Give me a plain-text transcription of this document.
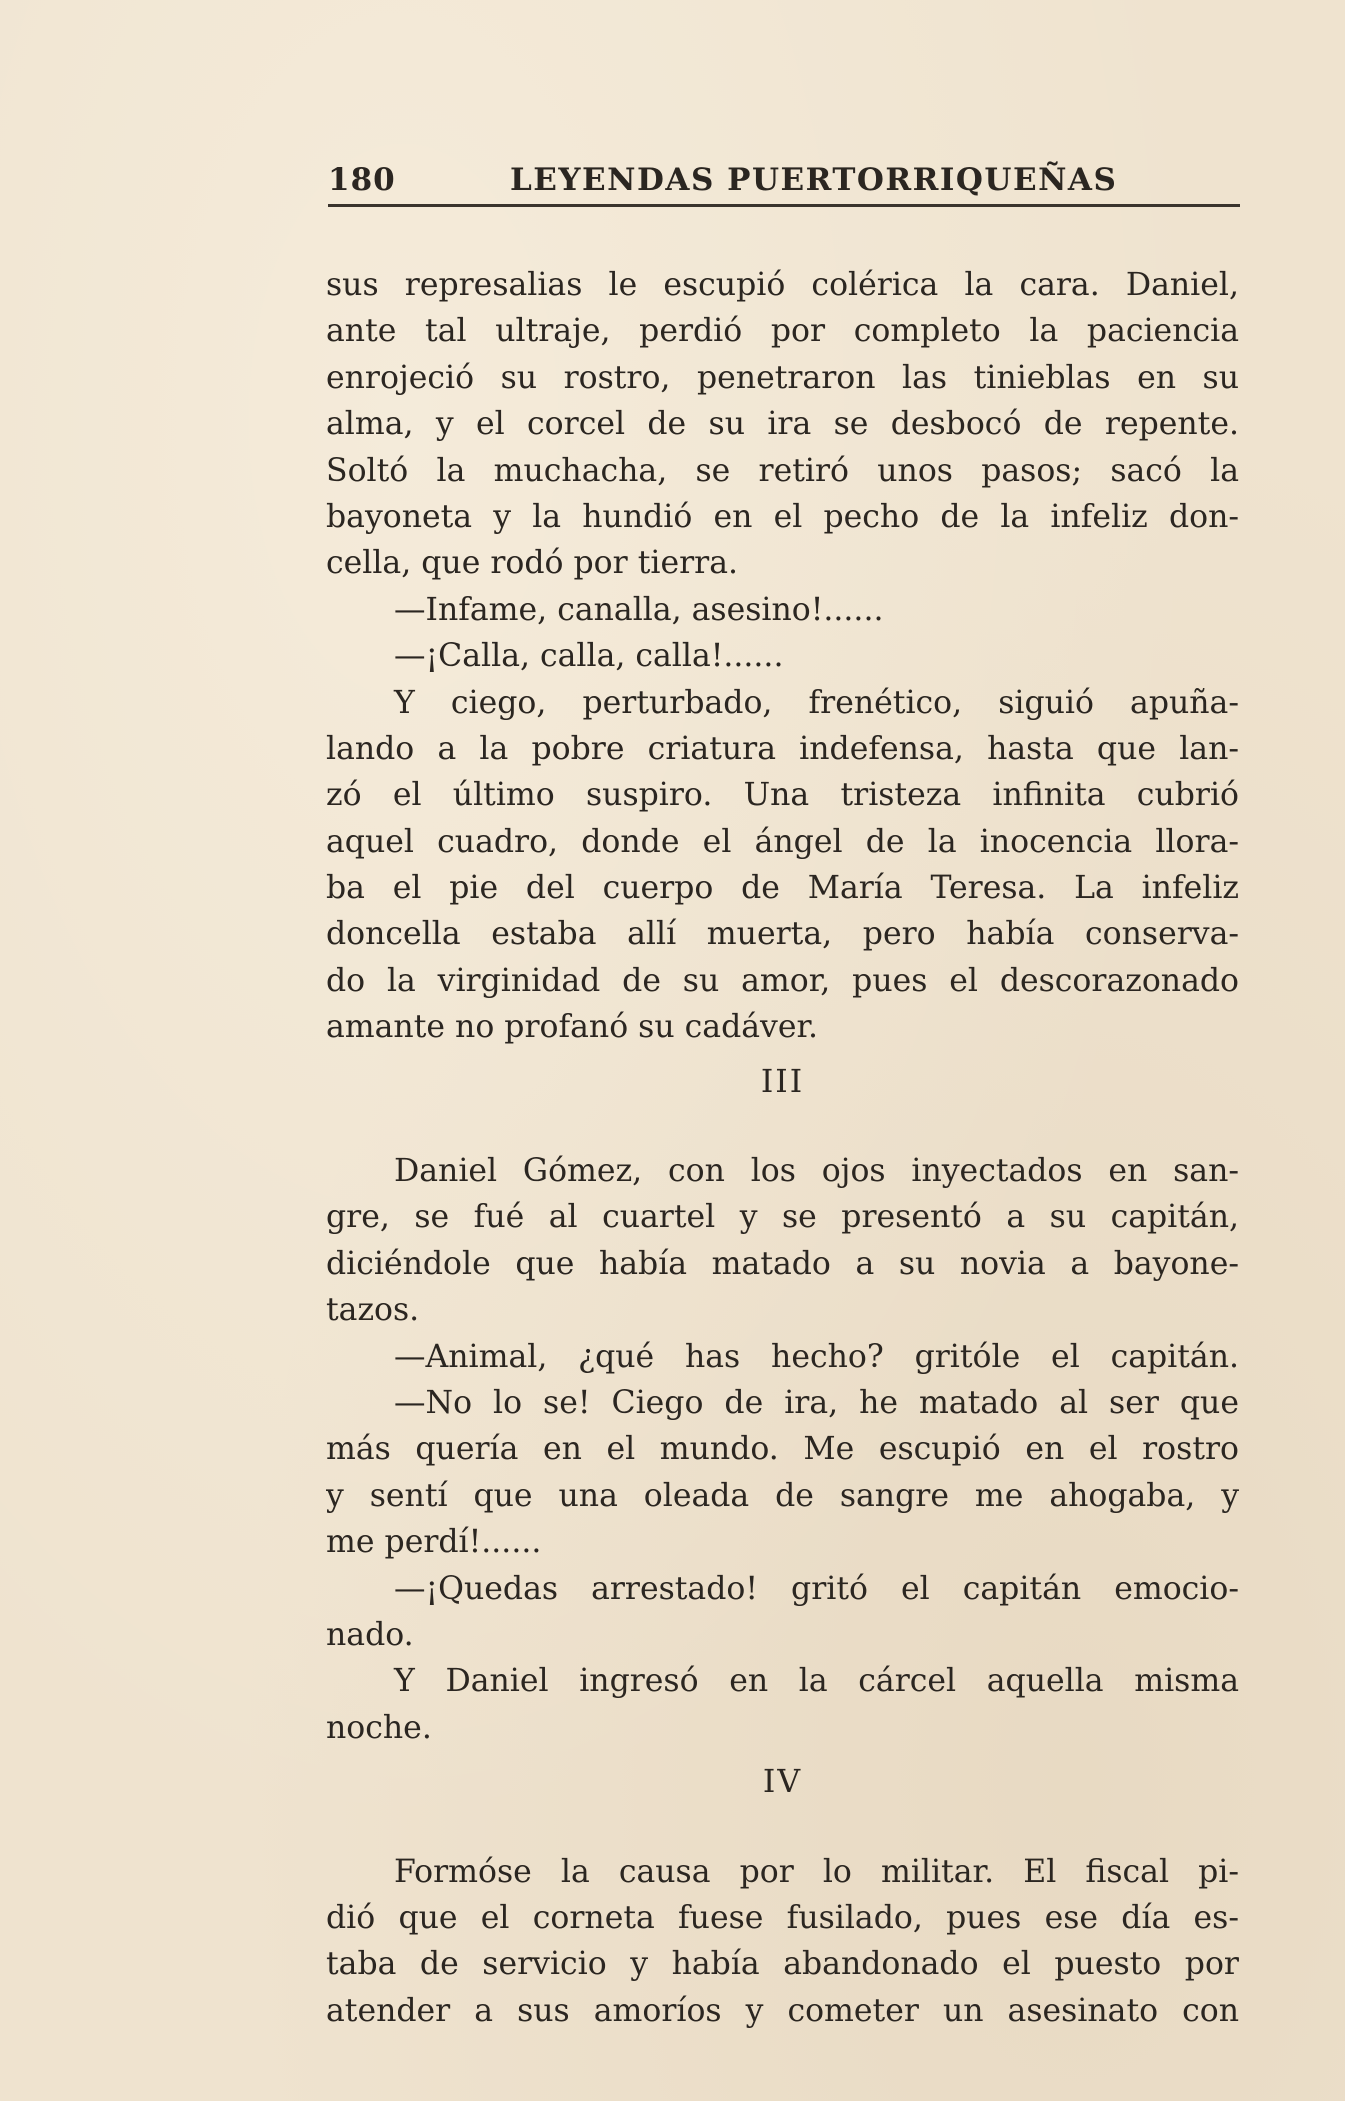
180	LEYENDAS PUERTORRIQUEÑAS
sus represalias le escupió colérica la cara. Daniel,
ante tal ultraje, perdió por completo la paciencia
enrojeció su rostro, penetraron las tinieblas en su
alma, y el corcel de su ira se desbocó de repente.
Soltó la muchacha, se retiró unos pasos; sacó la
bayoneta y la hundió en el pecho de la infeliz don-
cella, que rodó por tierra.
—Infame, canalla, asesino!......
—¡Calla, calla, calla!......
Y ciego, perturbado, frenético, siguió apuña-
lando a la pobre criatura indefensa, hasta que lan-
zó el último suspiro. Una tristeza infinita cubrió
aquel cuadro, donde el ángel de la inocencia llora-
ba el pie del cuerpo de María Teresa. La infeliz
doncella estaba allí muerta, pero había conserva-
do la virginidad de su amor, pues el descorazonado
amante no profanó su cadáver.
III
Daniel Gómez, con los ojos inyectados en san-
gre, se fué al cuartel y se presentó a su capitán,
diciéndole que había matado a su novia a bayone-
tazos.
—Animal, ¿qué has hecho? gritóle el capitán.
—No lo se! Ciego de ira, he matado al ser que
más quería en el mundo. Me escupió en el rostro
y sentí que una oleada de sangre me ahogaba, y
me perdí!......
—¡Quedas arrestado! gritó el capitán emocio-
nado.
Y Daniel ingresó en la cárcel aquella misma
noche.
IV
Formóse la causa por lo militar. El fiscal pi-
dió que el corneta fuese fusilado, pues ese día es-
taba de servicio y había abandonado el puesto por
atender a sus amoríos y cometer un asesinato con
